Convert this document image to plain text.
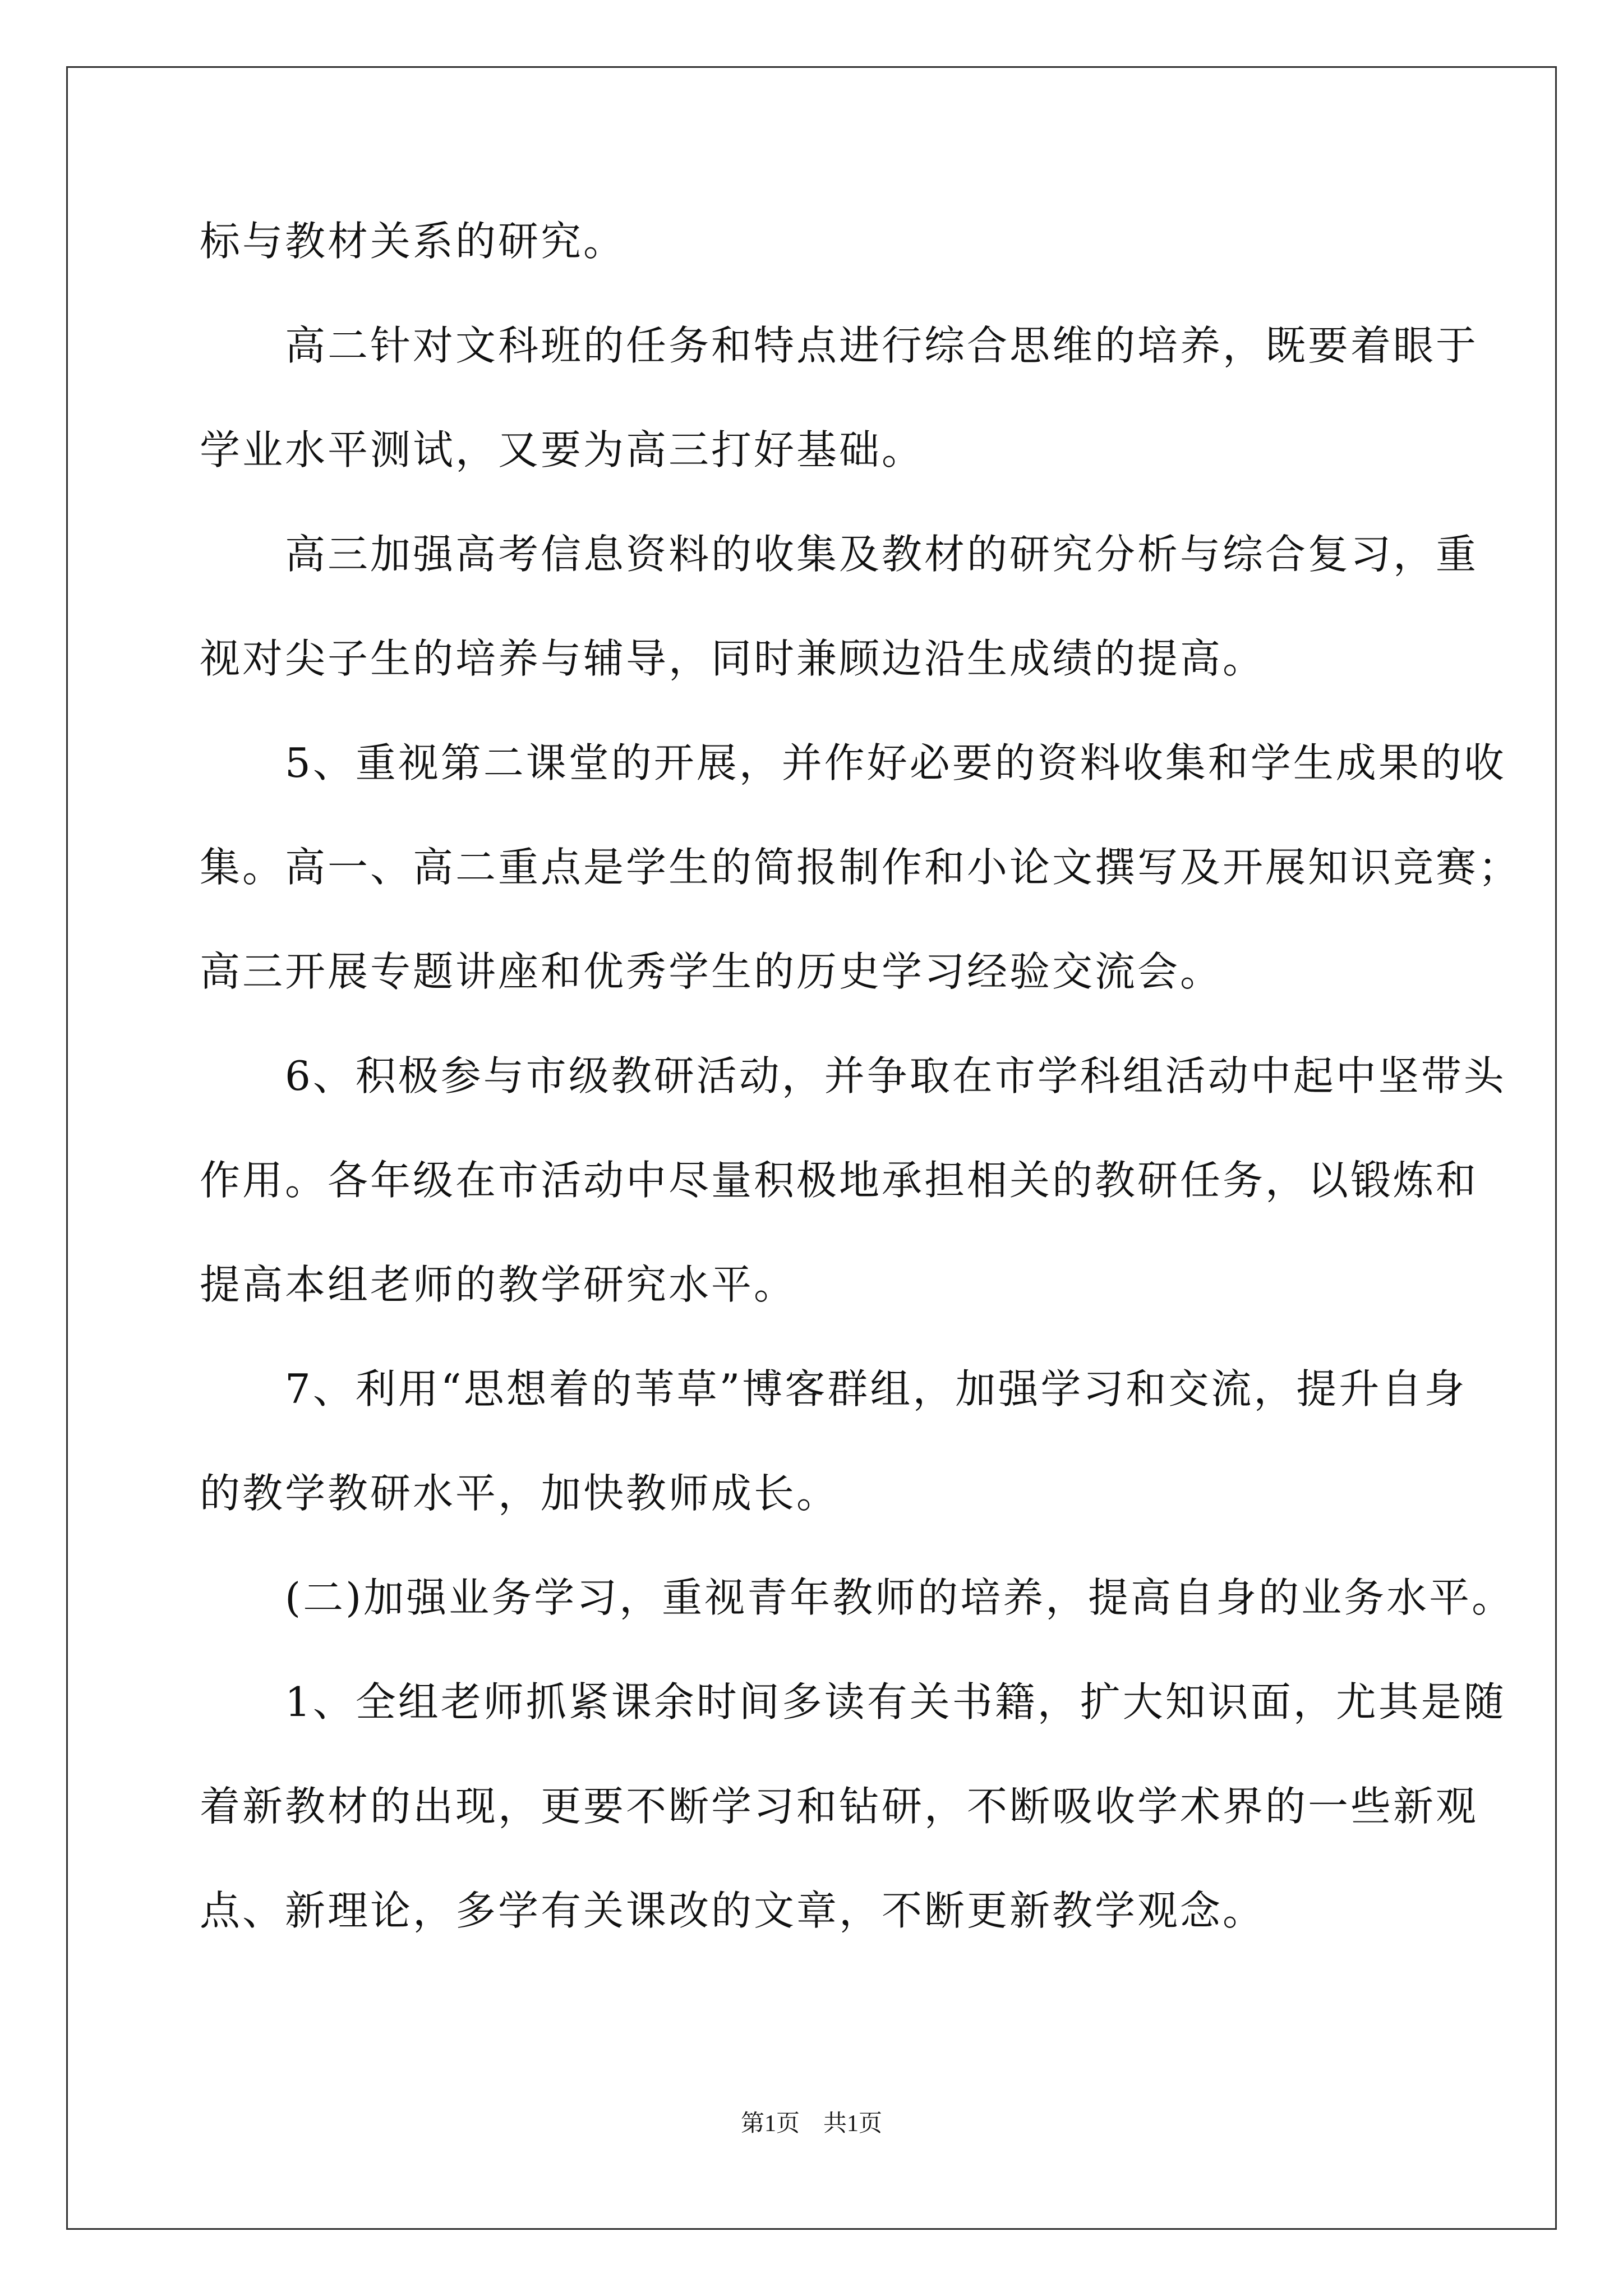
标与教材关系的研究。
　　高二针对文科班的任务和特点进行综合思维的培养，既要着眼于
学业水平测试，又要为高三打好基础。
　　高三加强高考信息资料的收集及教材的研究分析与综合复习，重
视对尖子生的培养与辅导，同时兼顾边沿生成绩的提高。
　　5、重视第二课堂的开展，并作好必要的资料收集和学生成果的收
集。高一、高二重点是学生的简报制作和小论文撰写及开展知识竞赛；
高三开展专题讲座和优秀学生的历史学习经验交流会。
　　6、积极参与市级教研活动，并争取在市学科组活动中起中坚带头
作用。各年级在市活动中尽量积极地承担相关的教研任务，以锻炼和
提高本组老师的教学研究水平。
　　7、利用“思想着的苇草”博客群组，加强学习和交流，提升自身
的教学教研水平，加快教师成长。
　　(二)加强业务学习，重视青年教师的培养，提高自身的业务水平。
　　1、全组老师抓紧课余时间多读有关书籍，扩大知识面，尤其是随
着新教材的出现，更要不断学习和钻研，不断吸收学术界的一些新观
点、新理论，多学有关课改的文章，不断更新教学观念。
第1页　共1页
